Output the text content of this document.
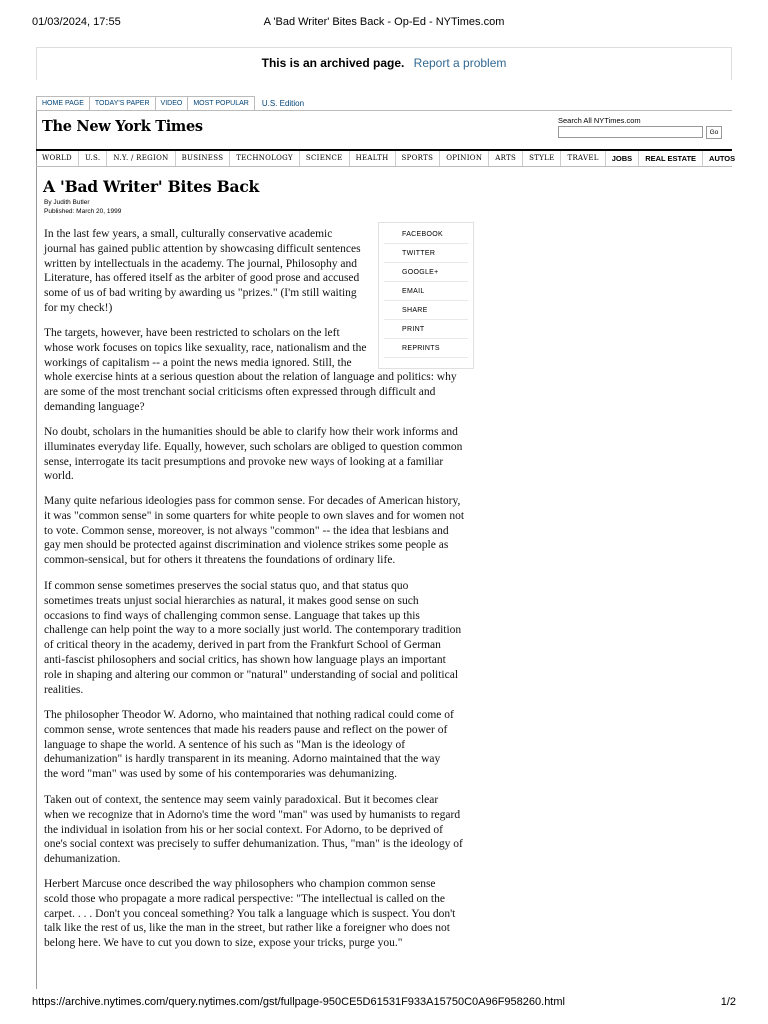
01/03/2024, 17:55	A 'Bad Writer' Bites Back - Op-Ed - NYTimes.com
This is an archived page. Report a problem
HOME PAGE	TODAY'S PAPER	VIDEO	MOST POPULAR	U.S. Edition
The New York Times	Search All NYTimes.com
Go
WORLD	U.S.	N.Y. / REGION	BUSINESS	TECHNOLOGY	SCIENCE	HEALTH	SPORTS	OPINION	ARTS	STYLE	TRAVEL	JOBS	REAL ESTATE	AUTOS
A 'Bad Writer' Bites Back
By Judith Butler
Published: March 20, 1999
FACEBOOK
TWITTER
GOOGLE+
EMAIL
SHARE
PRINT
REPRINTS
In the last few years, a small, culturally conservative academic
journal has gained public attention by showcasing difficult sentences
written by intellectuals in the academy. The journal, Philosophy and
Literature, has offered itself as the arbiter of good prose and accused
some of us of bad writing by awarding us "prizes." (I'm still waiting
for my check!)
The targets, however, have been restricted to scholars on the left
whose work focuses on topics like sexuality, race, nationalism and the
workings of capitalism -- a point the news media ignored. Still, the
whole exercise hints at a serious question about the relation of language and politics: why
are some of the most trenchant social criticisms often expressed through difficult and
demanding language?
No doubt, scholars in the humanities should be able to clarify how their work informs and
illuminates everyday life. Equally, however, such scholars are obliged to question common
sense, interrogate its tacit presumptions and provoke new ways of looking at a familiar
world.
Many quite nefarious ideologies pass for common sense. For decades of American history,
it was "common sense" in some quarters for white people to own slaves and for women not
to vote. Common sense, moreover, is not always "common" -- the idea that lesbians and
gay men should be protected against discrimination and violence strikes some people as
common-sensical, but for others it threatens the foundations of ordinary life.
If common sense sometimes preserves the social status quo, and that status quo
sometimes treats unjust social hierarchies as natural, it makes good sense on such
occasions to find ways of challenging common sense. Language that takes up this
challenge can help point the way to a more socially just world. The contemporary tradition
of critical theory in the academy, derived in part from the Frankfurt School of German
anti-fascist philosophers and social critics, has shown how language plays an important
role in shaping and altering our common or "natural" understanding of social and political
realities.
The philosopher Theodor W. Adorno, who maintained that nothing radical could come of
common sense, wrote sentences that made his readers pause and reflect on the power of
language to shape the world. A sentence of his such as "Man is the ideology of
dehumanization" is hardly transparent in its meaning. Adorno maintained that the way
the word "man" was used by some of his contemporaries was dehumanizing.
Taken out of context, the sentence may seem vainly paradoxical. But it becomes clear
when we recognize that in Adorno's time the word "man" was used by humanists to regard
the individual in isolation from his or her social context. For Adorno, to be deprived of
one's social context was precisely to suffer dehumanization. Thus, "man" is the ideology of
dehumanization.
Herbert Marcuse once described the way philosophers who champion common sense
scold those who propagate a more radical perspective: "The intellectual is called on the
carpet. . . . Don't you conceal something? You talk a language which is suspect. You don't
talk like the rest of us, like the man in the street, but rather like a foreigner who does not
belong here. We have to cut you down to size, expose your tricks, purge you."
https://archive.nytimes.com/query.nytimes.com/gst/fullpage-950CE5D61531F933A15750C0A96F958260.html	1/2
